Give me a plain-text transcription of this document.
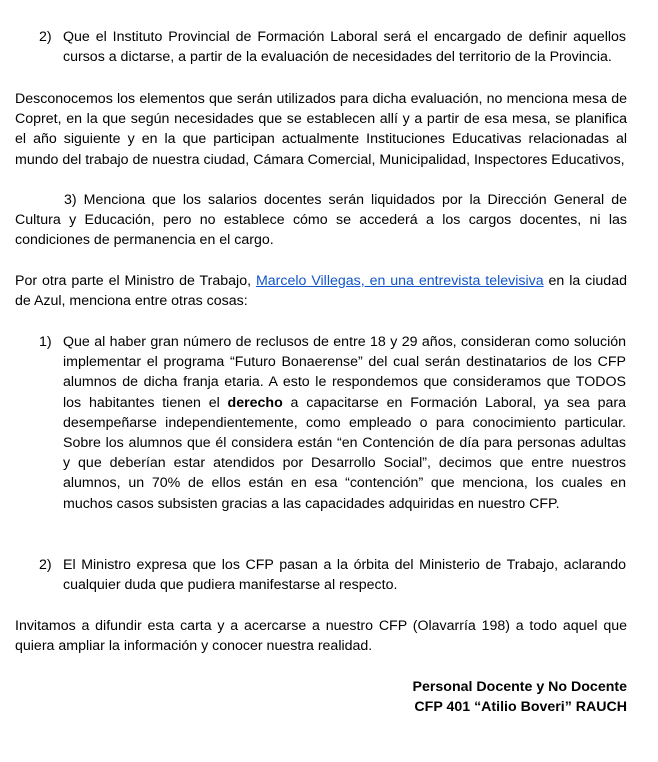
2) Que el Instituto Provincial de Formación Laboral será el encargado de definir aquellos cursos a dictarse, a partir de la evaluación de necesidades del territorio de la Provincia.

Desconocemos los elementos que serán utilizados para dicha evaluación, no menciona mesa de Copret, en la que según necesidades que se establecen allí y a partir de esa mesa, se planifica el año siguiente y en la que participan actualmente Instituciones Educativas relacionadas al mundo del trabajo de nuestra ciudad, Cámara Comercial, Municipalidad, Inspectores Educativos,

3) Menciona que los salarios docentes serán liquidados por la Dirección General de Cultura y Educación, pero no establece cómo se accederá a los cargos docentes, ni las condiciones de permanencia en el cargo.

Por otra parte el Ministro de Trabajo, Marcelo Villegas, en una entrevista televisiva en la ciudad de Azul, menciona entre otras cosas:

1) Que al haber gran número de reclusos de entre 18 y 29 años, consideran como solución implementar el programa “Futuro Bonaerense” del cual serán destinatarios de los CFP alumnos de dicha franja etaria. A esto le respondemos que consideramos que TODOS los habitantes tienen el derecho a capacitarse en Formación Laboral, ya sea para desempeñarse independientemente, como empleado o para conocimiento particular. Sobre los alumnos que él considera están “en Contención de día para personas adultas y que deberían estar atendidos por Desarrollo Social”, decimos que entre nuestros alumnos, un 70% de ellos están en esa “contención” que menciona, los cuales en muchos casos subsisten gracias a las capacidades adquiridas en nuestro CFP.

2) El Ministro expresa que los CFP pasan a la órbita del Ministerio de Trabajo, aclarando cualquier duda que pudiera manifestarse al respecto.

Invitamos a difundir esta carta y a acercarse a nuestro CFP (Olavarría 198) a todo aquel que quiera ampliar la información y conocer nuestra realidad.

Personal Docente y No Docente
CFP 401 “Atilio Boveri” RAUCH
